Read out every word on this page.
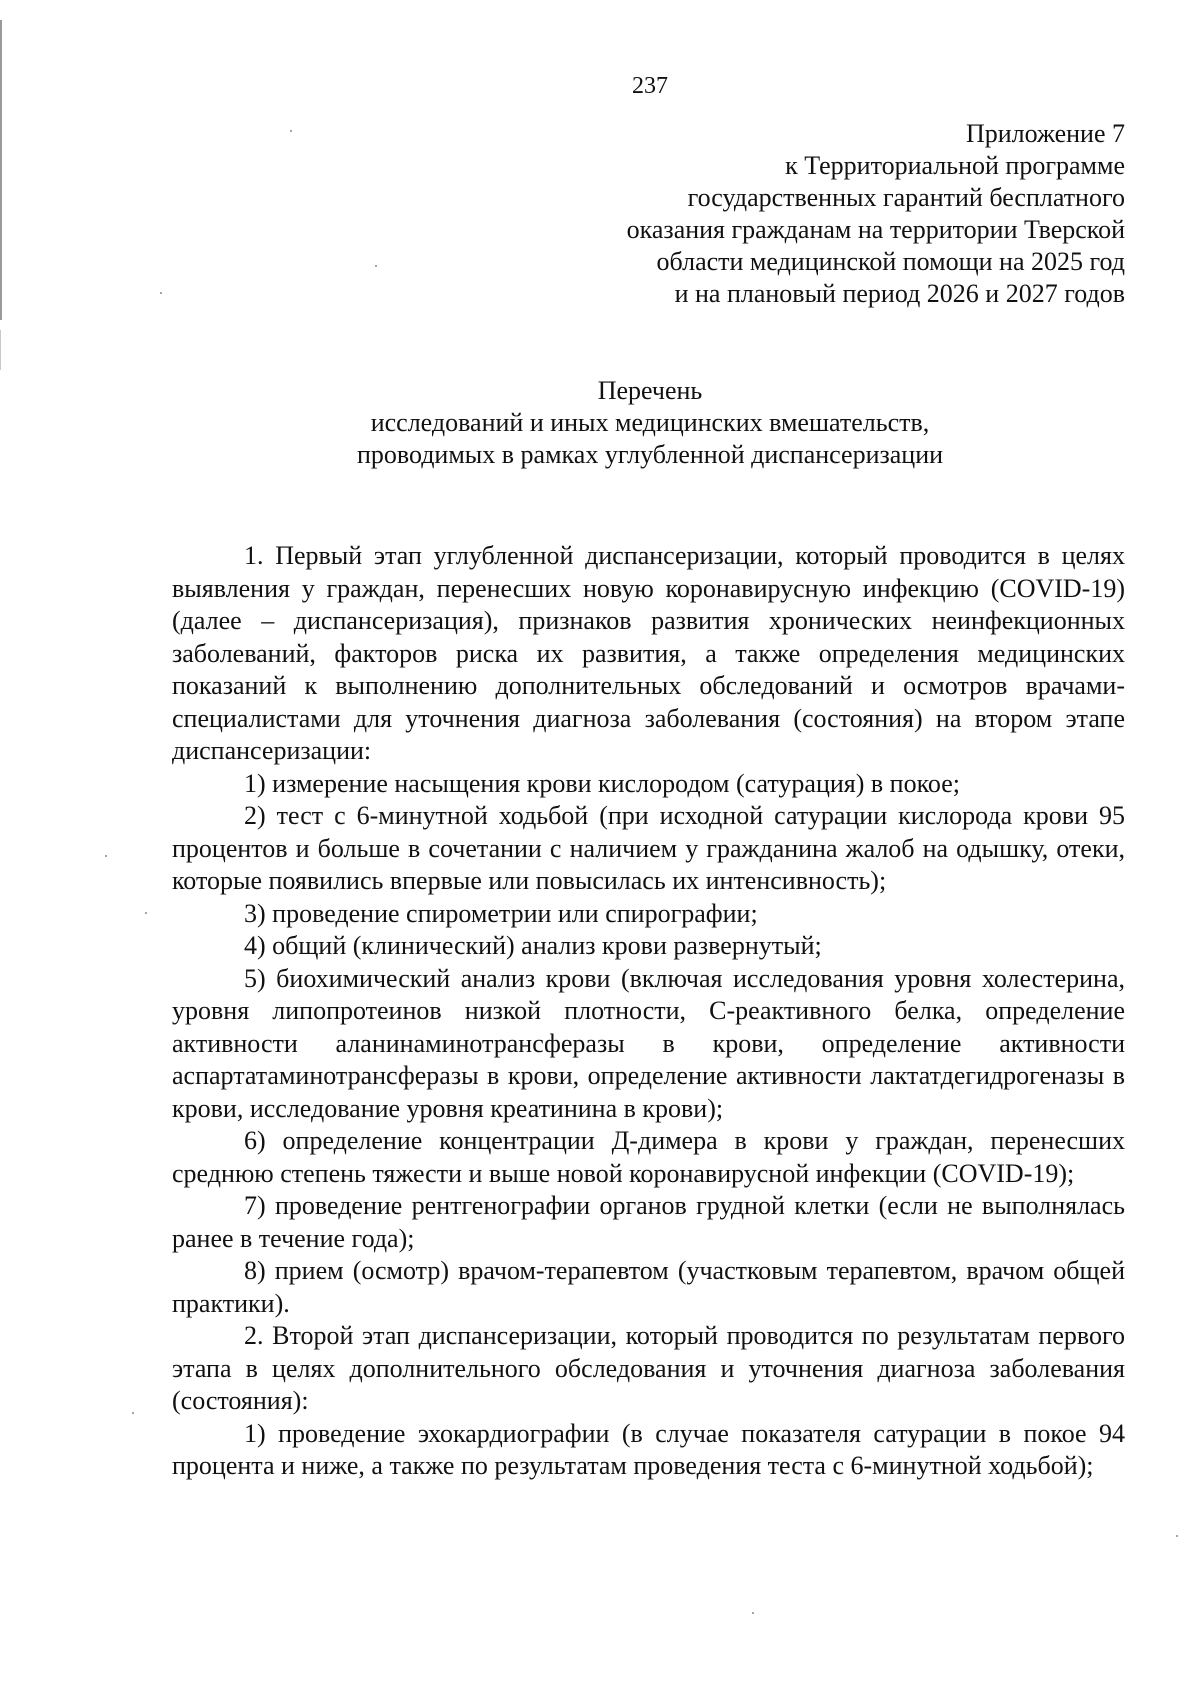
237
Приложение 7
к Территориальной программе
государственных гарантий бесплатного
оказания гражданам на территории Тверской
области медицинской помощи на 2025 год
и на плановый период 2026 и 2027 годов
Перечень
исследований и иных медицинских вмешательств,
проводимых в рамках углубленной диспансеризации

1. Первый этап углубленной диспансеризации, который проводится в целях выявления у граждан, перенесших новую коронавирусную инфекцию (COVID-19) (далее – диспансеризация), признаков развития хронических неинфекционных заболеваний, факторов риска их развития, а также определения медицинских показаний к выполнению дополнительных обследований и осмотров врачами-специалистами для уточнения диагноза заболевания (состояния) на втором этапе диспансеризации:

1) измерение насыщения крови кислородом (сатурация) в покое;

2) тест с 6-минутной ходьбой (при исходной сатурации кислорода крови 95 процентов и больше в сочетании с наличием у гражданина жалоб на одышку, отеки, которые появились впервые или повысилась их интенсивность);

3) проведение спирометрии или спирографии;

4) общий (клинический) анализ крови развернутый;

5) биохимический анализ крови (включая исследования уровня холестерина, уровня липопротеинов низкой плотности, С-реактивного белка, определение активности аланинаминотрансферазы в крови, определение активности аспартатаминотрансферазы в крови, определение активности лактатдегидрогеназы в крови, исследование уровня креатинина в крови);

6) определение концентрации Д-димера в крови у граждан, перенесших среднюю степень тяжести и выше новой коронавирусной инфекции (COVID-19);

7) проведение рентгенографии органов грудной клетки (если не выполнялась ранее в течение года);

8) прием (осмотр) врачом-терапевтом (участковым терапевтом, врачом общей практики).

2. Второй этап диспансеризации, который проводится по результатам первого этапа в целях дополнительного обследования и уточнения диагноза заболевания (состояния):

1) проведение эхокардиографии (в случае показателя сатурации в покое 94 процента и ниже, а также по результатам проведения теста с 6-минутной ходьбой);
